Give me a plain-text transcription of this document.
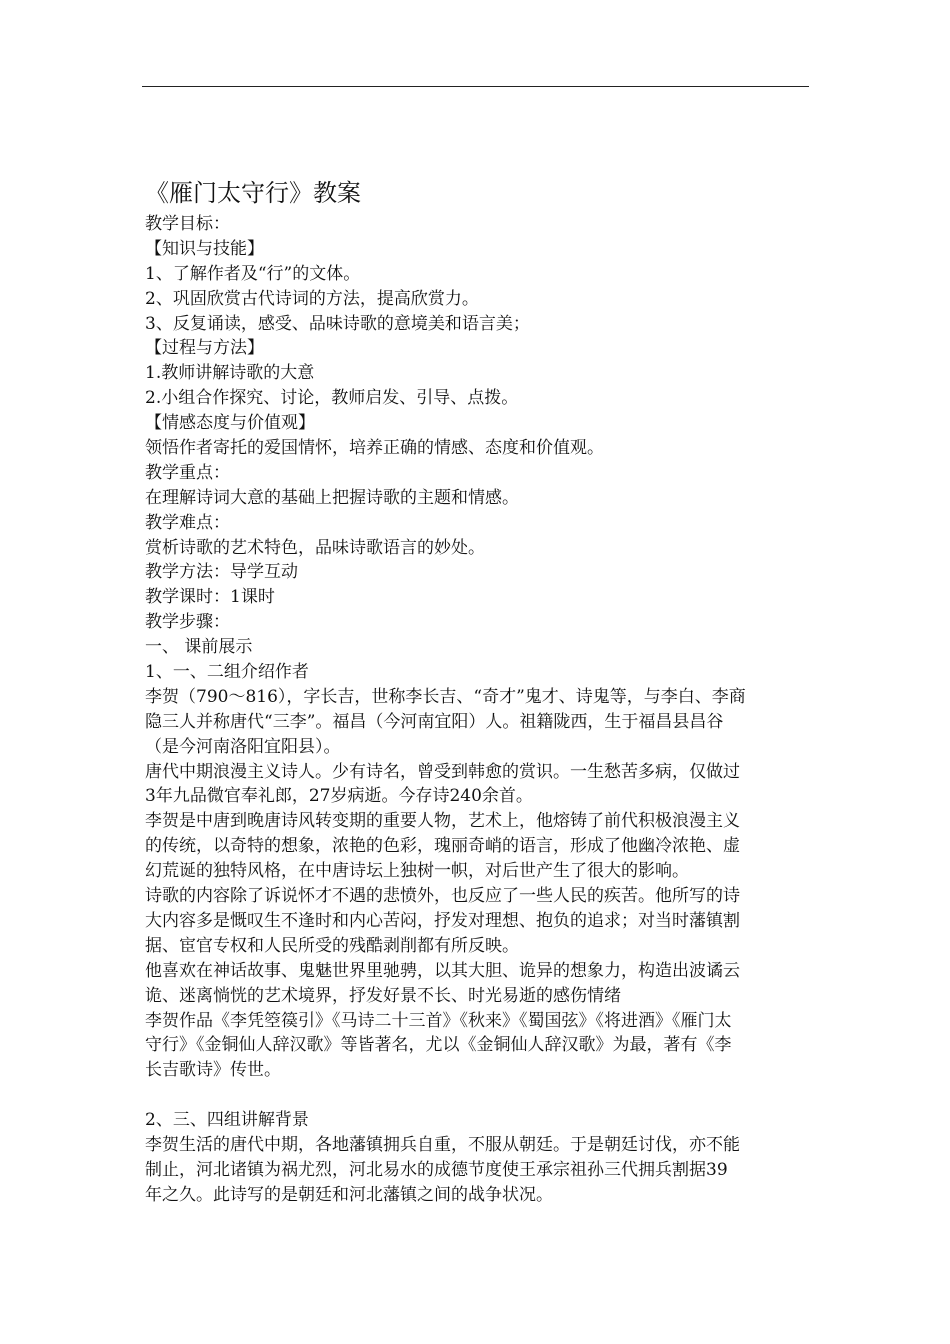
《雁门太守行》教案
教学目标：
【知识与技能】
1、了解作者及“行”的文体。
2、巩固欣赏古代诗词的方法，提高欣赏力。
3、反复诵读，感受、品味诗歌的意境美和语言美；
【过程与方法】
1.教师讲解诗歌的大意
2.小组合作探究、讨论，教师启发、引导、点拨。
【情感态度与价值观】
领悟作者寄托的爱国情怀，培养正确的情感、态度和价值观。
教学重点：
在理解诗词大意的基础上把握诗歌的主题和情感。
教学难点：
赏析诗歌的艺术特色，品味诗歌语言的妙处。
教学方法：导学互动
教学课时：1课时
教学步骤：
一、 课前展示
1、一、二组介绍作者
李贺（790～816），字长吉，世称李长吉、“奇才”鬼才、诗鬼等，与李白、李商
隐三人并称唐代“三李”。福昌（今河南宜阳）人。祖籍陇西，生于福昌县昌谷
（是今河南洛阳宜阳县）。
唐代中期浪漫主义诗人。少有诗名，曾受到韩愈的赏识。一生愁苦多病，仅做过
3年九品微官奉礼郎，27岁病逝。今存诗240余首。
李贺是中唐到晚唐诗风转变期的重要人物，艺术上，他熔铸了前代积极浪漫主义
的传统，以奇特的想象，浓艳的色彩，瑰丽奇峭的语言，形成了他幽冷浓艳、虚
幻荒诞的独特风格，在中唐诗坛上独树一帜，对后世产生了很大的影响。
诗歌的内容除了诉说怀才不遇的悲愤外，也反应了一些人民的疾苦。他所写的诗
大内容多是慨叹生不逢时和内心苦闷，抒发对理想、抱负的追求；对当时藩镇割
据、宦官专权和人民所受的残酷剥削都有所反映。
他喜欢在神话故事、鬼魅世界里驰骋，以其大胆、诡异的想象力，构造出波谲云
诡、迷离惝恍的艺术境界，抒发好景不长、时光易逝的感伤情绪
李贺作品《李凭箜篌引》《马诗二十三首》《秋来》《蜀国弦》《将进酒》《雁门太
守行》《金铜仙人辞汉歌》等皆著名，尤以《金铜仙人辞汉歌》为最，著有《李
长吉歌诗》传世。
2、三、四组讲解背景
李贺生活的唐代中期，各地藩镇拥兵自重，不服从朝廷。于是朝廷讨伐，亦不能
制止，河北诸镇为祸尤烈，河北易水的成德节度使王承宗祖孙三代拥兵割据39
年之久。此诗写的是朝廷和河北藩镇之间的战争状况。
